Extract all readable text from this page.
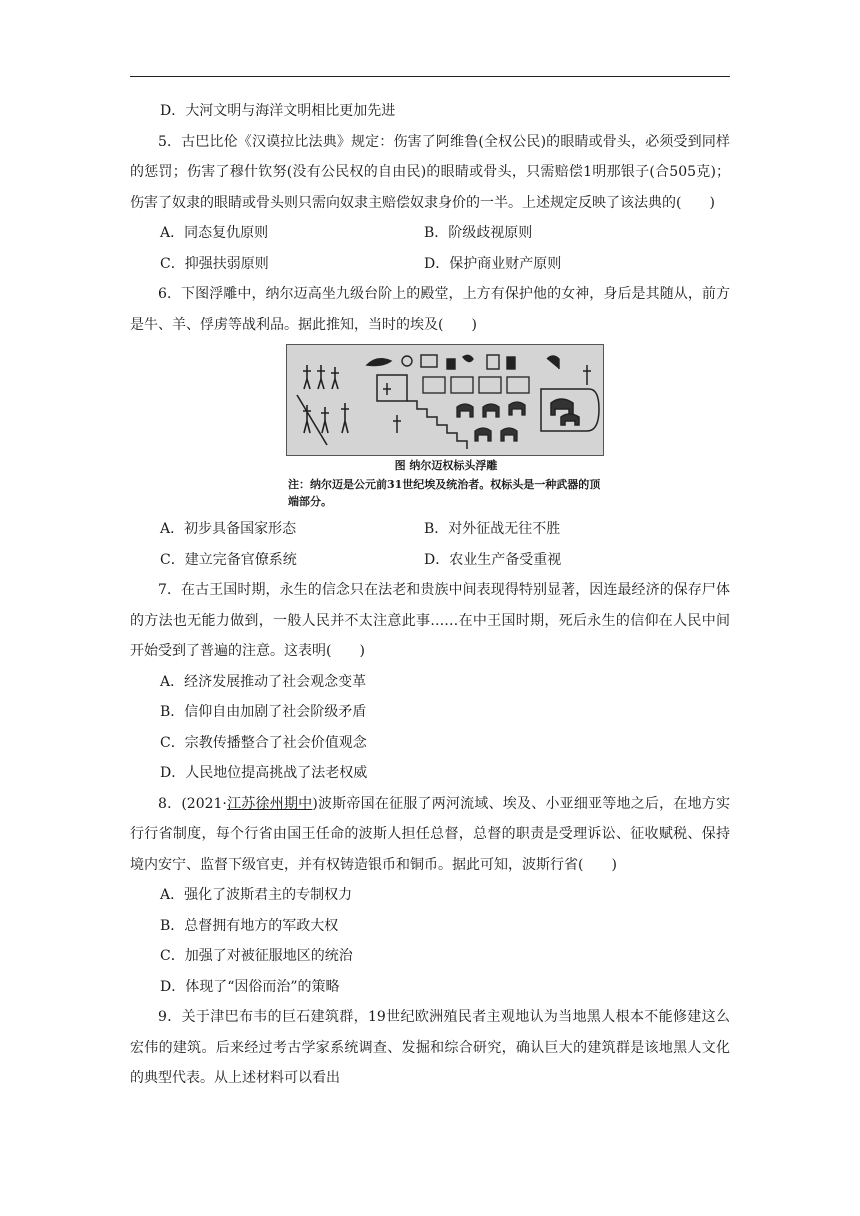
D．大河文明与海洋文明相比更加先进

5．古巴比伦《汉谟拉比法典》规定：伤害了阿维鲁(全权公民)的眼睛或骨头，必须受到同样的惩罚；伤害了穆什钦努(没有公民权的自由民)的眼睛或骨头，只需赔偿1明那银子(合505克)；伤害了奴隶的眼睛或骨头则只需向奴隶主赔偿奴隶身价的一半。上述规定反映了该法典的(　　)

A．同态复仇原则	B．阶级歧视原则
C．抑强扶弱原则	D．保护商业财产原则

6．下图浮雕中，纳尔迈高坐九级台阶上的殿堂，上方有保护他的女神，身后是其随从，前方是牛、羊、俘虏等战利品。据此推知，当时的埃及(　　)

图 纳尔迈权标头浮雕
注：纳尔迈是公元前31世纪埃及统治者。权标头是一种武器的顶端部分。
A．初步具备国家形态	B．对外征战无往不胜
C．建立完备官僚系统	D．农业生产备受重视

7．在古王国时期，永生的信念只在法老和贵族中间表现得特别显著，因连最经济的保存尸体的方法也无能力做到，一般人民并不太注意此事……在中王国时期，死后永生的信仰在人民中间开始受到了普遍的注意。这表明(　　)

A．经济发展推动了社会观念变革

B．信仰自由加剧了社会阶级矛盾

C．宗教传播整合了社会价值观念

D．人民地位提高挑战了法老权威

8．(2021·江苏徐州期中)波斯帝国在征服了两河流域、埃及、小亚细亚等地之后，在地方实行行省制度，每个行省由国王任命的波斯人担任总督，总督的职责是受理诉讼、征收赋税、保持境内安宁、监督下级官吏，并有权铸造银币和铜币。据此可知，波斯行省(　　)

A．强化了波斯君主的专制权力

B．总督拥有地方的军政大权

C．加强了对被征服地区的统治

D．体现了“因俗而治”的策略

9．关于津巴布韦的巨石建筑群，19世纪欧洲殖民者主观地认为当地黑人根本不能修建这么宏伟的建筑。后来经过考古学家系统调查、发掘和综合研究，确认巨大的建筑群是该地黑人文化的典型代表。从上述材料可以看出
